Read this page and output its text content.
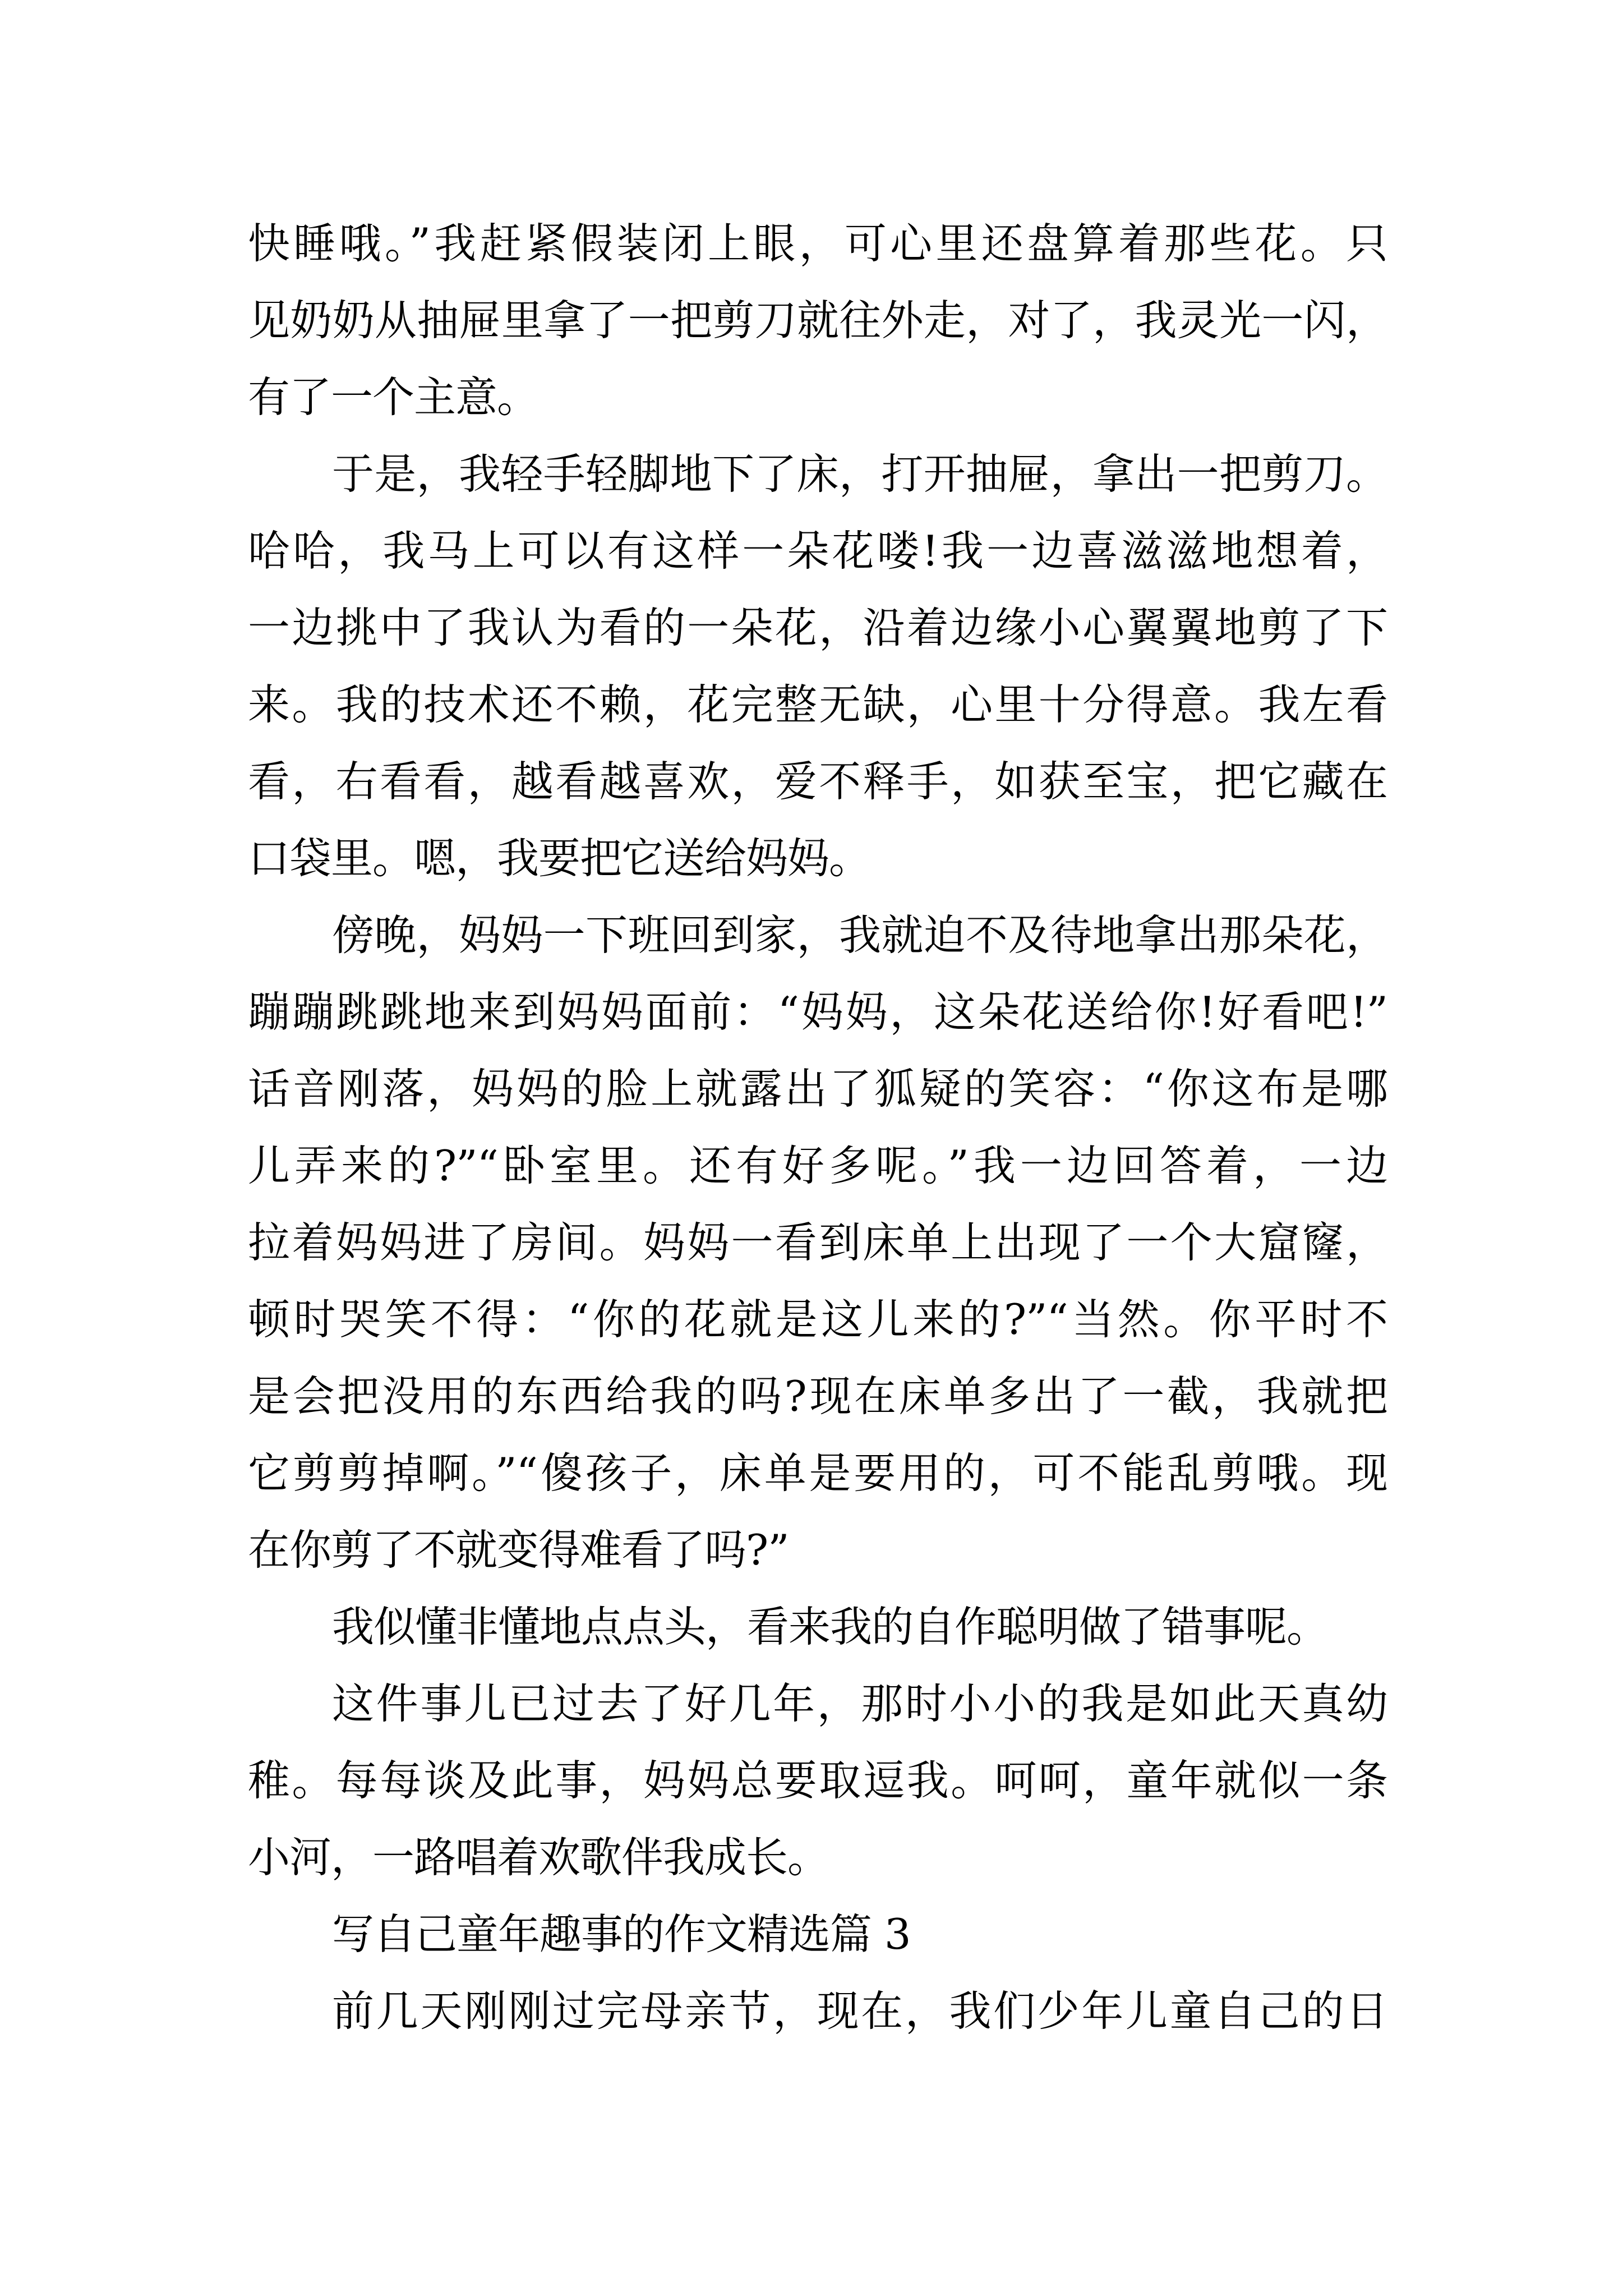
快睡哦。”我赶紧假装闭上眼，可心里还盘算着那些花。只
见奶奶从抽屉里拿了一把剪刀就往外走，对了，我灵光一闪，
有了一个主意。
于是，我轻手轻脚地下了床，打开抽屉，拿出一把剪刀。
哈哈，我马上可以有这样一朵花喽!我一边喜滋滋地想着，
一边挑中了我认为看的一朵花，沿着边缘小心翼翼地剪了下
来。我的技术还不赖，花完整无缺，心里十分得意。我左看
看，右看看，越看越喜欢，爱不释手，如获至宝，把它藏在
口袋里。嗯，我要把它送给妈妈。
傍晚，妈妈一下班回到家，我就迫不及待地拿出那朵花，
蹦蹦跳跳地来到妈妈面前：“妈妈，这朵花送给你!好看吧!”
话音刚落，妈妈的脸上就露出了狐疑的笑容：“你这布是哪
儿弄来的?”“卧室里。还有好多呢。”我一边回答着，一边
拉着妈妈进了房间。妈妈一看到床单上出现了一个大窟窿，
顿时哭笑不得：“你的花就是这儿来的?”“当然。你平时不
是会把没用的东西给我的吗?现在床单多出了一截，我就把
它剪剪掉啊。”“傻孩子，床单是要用的，可不能乱剪哦。现
在你剪了不就变得难看了吗?”
我似懂非懂地点点头，看来我的自作聪明做了错事呢。
这件事儿已过去了好几年，那时小小的我是如此天真幼
稚。每每谈及此事，妈妈总要取逗我。呵呵，童年就似一条
小河，一路唱着欢歌伴我成长。
写自己童年趣事的作文精选篇 3
前几天刚刚过完母亲节，现在，我们少年儿童自己的日
